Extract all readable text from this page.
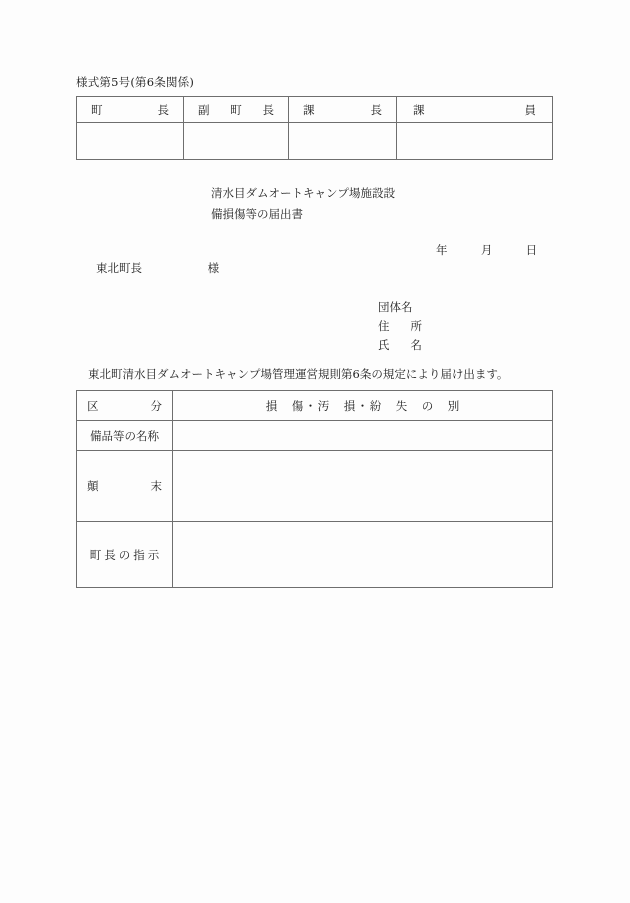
様式第5号(第6条関係)
町 長	副 町 長	課 長	課 員

清水目ダムオートキャンプ場施設設
備損傷等の届出書
年	月	日
東北町長	様
団体名
住 所
氏 名
東北町清水目ダムオートキャンプ場管理運営規則第6条の規定により届け出ます。
区 分	損　傷・汚　損・紛　失　の　別

備品等の名称	

顛 末	

町長の指示	
